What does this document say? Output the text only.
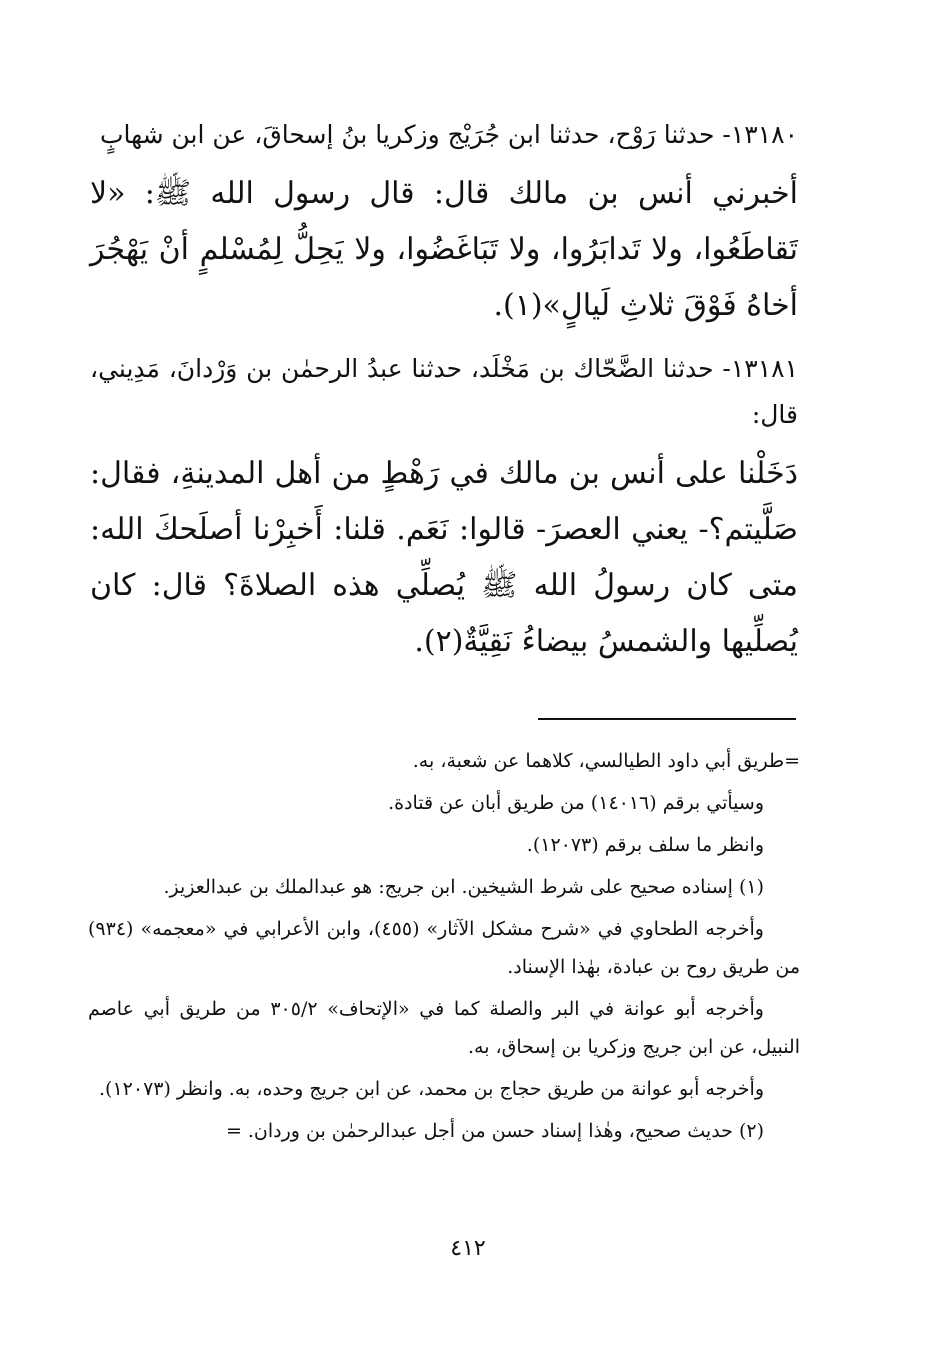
١٣١٨٠- حدثنا رَوْح، حدثنا ابن جُرَيْج وزكريا بنُ إسحاقَ، عن ابن شهابٍ

أخبرني أنس بن مالك قال: قال رسول الله ﷺ: «لا تَقاطَعُوا، ولا تَدابَرُوا، ولا تَبَاغَضُوا، ولا يَحِلُّ لِمُسْلمٍ أنْ يَهْجُرَ أخاهُ فَوْقَ ثلاثِ لَيالٍ»(١).

١٣١٨١- حدثنا الضَّحّاك بن مَخْلَد، حدثنا عبدُ الرحمٰن بن وَرْدانَ، مَدِيني، قال:

دَخَلْنا على أنس بن مالك في رَهْطٍ من أهل المدينةِ، فقال: صَلَّيتم؟- يعني العصرَ- قالوا: نَعَم. قلنا: أَخبِرْنا أصلَحكَ الله: متى كان رسولُ الله ﷺ يُصلِّي هذه الصلاةَ؟ قال: كان يُصلِّيها والشمسُ بيضاءُ نَقِيَّةٌ(٢).

=طريق أبي داود الطيالسي، كلاهما عن شعبة، به.

وسيأتي برقم (١٤٠١٦) من طريق أبان عن قتادة.

وانظر ما سلف برقم (١٢٠٧٣).

(١) إسناده صحيح على شرط الشيخين. ابن جريج: هو عبدالملك بن عبدالعزيز.

وأخرجه الطحاوي في «شرح مشكل الآثار» (٤٥٥)، وابن الأعرابي في «معجمه» (٩٣٤) من طريق روح بن عبادة، بهٰذا الإسناد.

وأخرجه أبو عوانة في البر والصلة كما في «الإتحاف» ٣٠٥/٢ من طريق أبي عاصم النبيل، عن ابن جريج وزكريا بن إسحاق، به.

وأخرجه أبو عوانة من طريق حجاج بن محمد، عن ابن جريج وحده، به. وانظر (١٢٠٧٣).

(٢) حديث صحيح، وهٰذا إسناد حسن من أجل عبدالرحمٰن بن وردان. =

٤١٢
